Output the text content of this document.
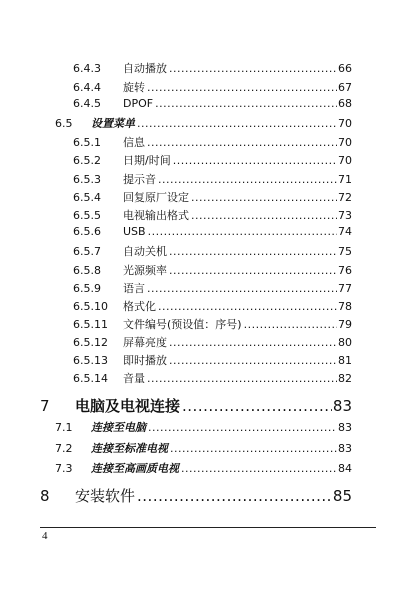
6.4.3	自动播放 .....	66
6.4.4	旋转 .....	67
6.4.5	DPOF .....	68
6.5	设置菜单 .....	70
6.5.1	信息 .....	70
6.5.2	日期/时间 .....	70
6.5.3	提示音 .....	71
6.5.4	回复原厂设定 .....	72
6.5.5	电视输出格式 .....	73
6.5.6	USB .....	74
6.5.7	自动关机 .....	75
6.5.8	光源频率 .....	76
6.5.9	语言 .....	77
6.5.10	格式化 .....	78
6.5.11	文件编号(预设值：序号) .....	79
6.5.12	屏幕亮度 .....	80
6.5.13	即时播放 .....	81
6.5.14	音量 .....	82
7	电脑及电视连接 .....	83
7.1	连接至电脑 .....	83
7.2	连接至标准电视 .....	83
7.3	连接至高画质电视 .....	84
8	安装软件 .....	85
4
